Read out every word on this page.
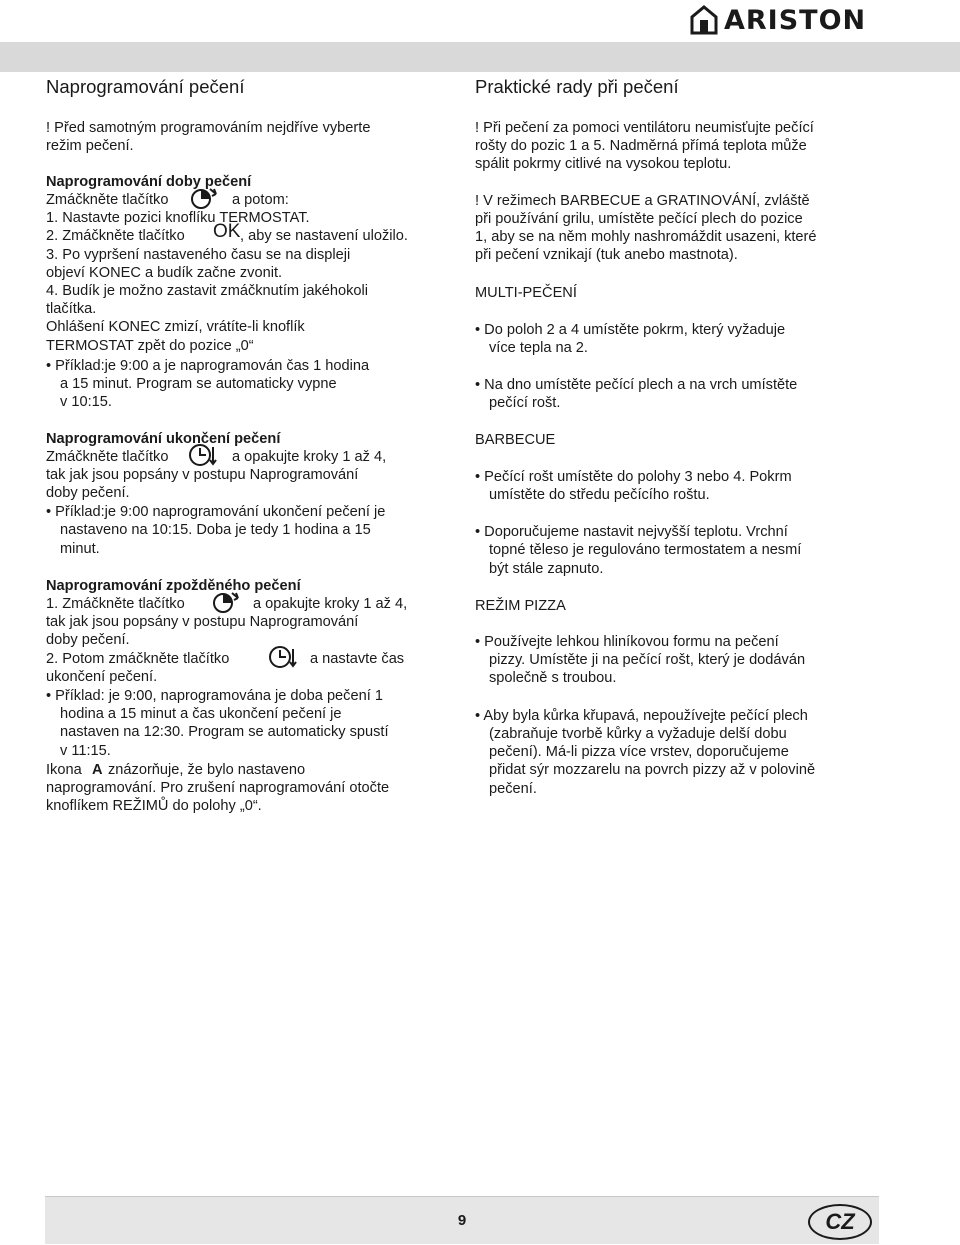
ARISTON
Naprogramování pečení
! Před samotným programováním nejdříve vyberte
režim pečení.
Naprogramování doby pečení
Zmáčkněte tlačítko	a potom:
1. Nastavte pozici knoflíku TERMOSTAT.
2. Zmáčkněte tlačítko OK , aby se nastavení uložilo.
3. Po vypršení nastaveného času se na displeji
objeví KONEC a budík začne zvonit.
4. Budík je možno zastavit zmáčknutím jakéhokoli
tlačítka.
Ohlášení KONEC zmizí, vrátíte-li knoflík
TERMOSTAT zpět do pozice „0“
• Příklad:je 9:00 a je naprogramován čas 1 hodina
a 15 minut. Program se automaticky vypne
v 10:15.
Naprogramování ukončení pečení
Zmáčkněte tlačítko	a opakujte kroky 1 až 4,
tak jak jsou popsány v postupu Naprogramování
doby pečení.
• Příklad:je 9:00 naprogramování ukončení pečení je
nastaveno na 10:15. Doba je tedy 1 hodina a 15
minut.
Naprogramování zpožděného pečení
1. Zmáčkněte tlačítko	a opakujte kroky 1 až 4,
tak jak jsou popsány v postupu Naprogramování
doby pečení.
2. Potom zmáčkněte tlačítko	a nastavte čas
ukončení pečení.
• Příklad: je 9:00, naprogramována je doba pečení 1
hodina a 15 minut a čas ukončení pečení je
nastaven na 12:30. Program se automaticky spustí
v 11:15.
Ikona A znázorňuje, že bylo nastaveno
naprogramování. Pro zrušení naprogramování otočte
knoflíkem REŽIMŮ do polohy „0“.
Praktické rady při pečení
! Při pečení za pomoci ventilátoru neumisťujte pečící
rošty do pozic 1 a 5. Nadměrná přímá teplota může
spálit pokrmy citlivé na vysokou teplotu.
! V režimech BARBECUE a GRATINOVÁNÍ, zvláště
při používání grilu, umístěte pečící plech do pozice
1, aby se na něm mohly nashromáždit usazeni, které
při pečení vznikají (tuk anebo mastnota).
MULTI-PEČENÍ
• Do poloh 2 a 4 umístěte pokrm, který vyžaduje
více tepla na 2.
• Na dno umístěte pečící plech a na vrch umístěte
pečící rošt.
BARBECUE
• Pečící rošt umístěte do polohy 3 nebo 4. Pokrm
umístěte do středu pečícího roštu.
• Doporučujeme nastavit nejvyšší teplotu. Vrchní
topné těleso je regulováno termostatem a nesmí
být stále zapnuto.
REŽIM PIZZA
• Používejte lehkou hliníkovou formu na pečení
pizzy. Umístěte ji na pečící rošt, který je dodáván
společně s troubou.
• Aby byla kůrka křupavá, nepoužívejte pečící plech
(zabraňuje tvorbě kůrky a vyžaduje delší dobu
pečení). Má-li pizza více vrstev, doporučujeme
přidat sýr mozzarelu na povrch pizzy až v polovině
pečení.
9	CZ
